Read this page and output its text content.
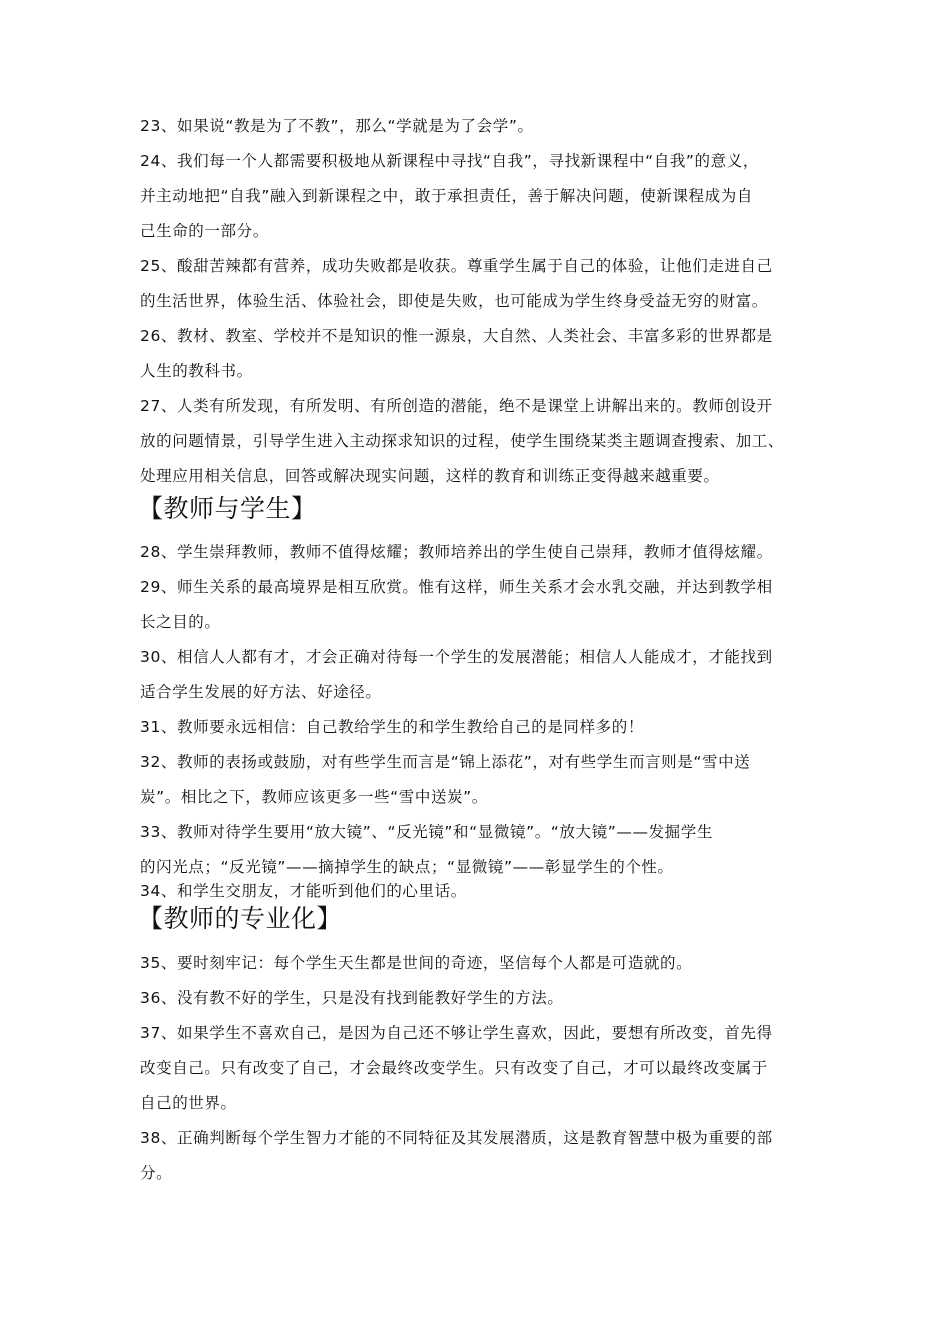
23、如果说“教是为了不教”，那么“学就是为了会学”。
24、我们每一个人都需要积极地从新课程中寻找“自我”，寻找新课程中“自我”的意义，
并主动地把“自我”融入到新课程之中，敢于承担责任，善于解决问题，使新课程成为自
己生命的一部分。
25、酸甜苦辣都有营养，成功失败都是收获。尊重学生属于自己的体验，让他们走进自己
的生活世界，体验生活、体验社会，即使是失败，也可能成为学生终身受益无穷的财富。
26、教材、教室、学校并不是知识的惟一源泉，大自然、人类社会、丰富多彩的世界都是
人生的教科书。
27、人类有所发现，有所发明、有所创造的潜能，绝不是课堂上讲解出来的。教师创设开
放的问题情景，引导学生进入主动探求知识的过程，使学生围绕某类主题调查搜索、加工、
处理应用相关信息，回答或解决现实问题，这样的教育和训练正变得越来越重要。
【教师与学生】
28、学生崇拜教师，教师不值得炫耀；教师培养出的学生使自己崇拜，教师才值得炫耀。
29、师生关系的最高境界是相互欣赏。惟有这样，师生关系才会水乳交融，并达到教学相
长之目的。
30、相信人人都有才，才会正确对待每一个学生的发展潜能；相信人人能成才，才能找到
适合学生发展的好方法、好途径。
31、教师要永远相信：自己教给学生的和学生教给自己的是同样多的！
32、教师的表扬或鼓励，对有些学生而言是“锦上添花”，对有些学生而言则是“雪中送
炭”。相比之下，教师应该更多一些“雪中送炭”。
33、教师对待学生要用“放大镜”、“反光镜”和“显微镜”。“放大镜”——发掘学生
的闪光点；“反光镜”——摘掉学生的缺点；“显微镜”——彰显学生的个性。
34、和学生交朋友，才能听到他们的心里话。
【教师的专业化】
35、要时刻牢记：每个学生天生都是世间的奇迹，坚信每个人都是可造就的。
36、没有教不好的学生，只是没有找到能教好学生的方法。
37、如果学生不喜欢自己，是因为自己还不够让学生喜欢，因此，要想有所改变，首先得
改变自己。只有改变了自己，才会最终改变学生。只有改变了自己，才可以最终改变属于
自己的世界。
38、正确判断每个学生智力才能的不同特征及其发展潜质，这是教育智慧中极为重要的部
分。
